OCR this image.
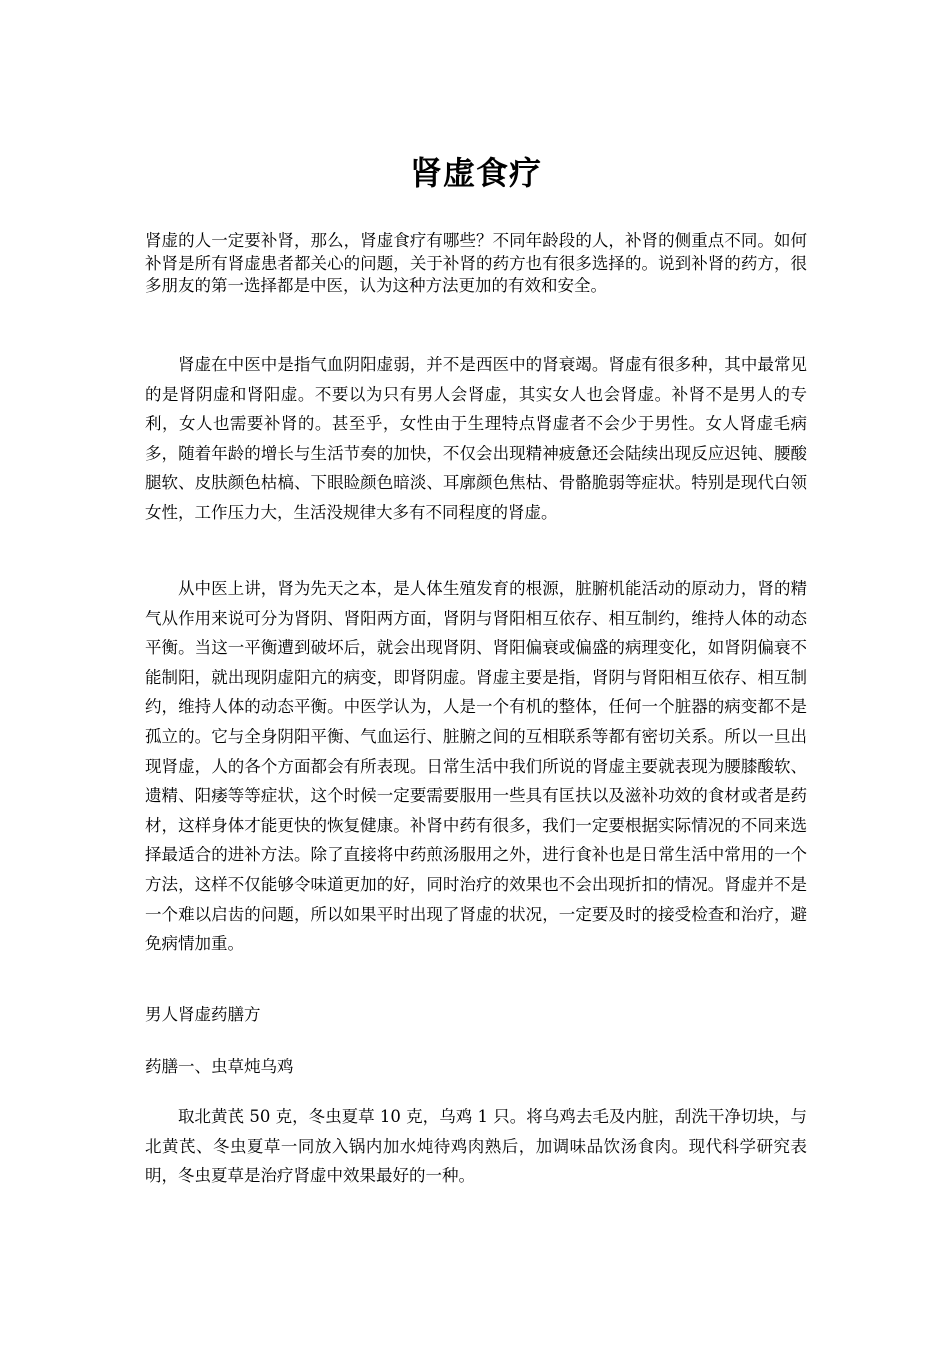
肾虚食疗

肾虚的人一定要补肾，那么，肾虚食疗有哪些？不同年龄段的人，补肾的侧重点不同。如何补肾是所有肾虚患者都关心的问题，关于补肾的药方也有很多选择的。说到补肾的药方，很多朋友的第一选择都是中医，认为这种方法更加的有效和安全。

肾虚在中医中是指气血阴阳虚弱，并不是西医中的肾衰竭。肾虚有很多种，其中最常见的是肾阴虚和肾阳虚。不要以为只有男人会肾虚，其实女人也会肾虚。补肾不是男人的专利，女人也需要补肾的。甚至乎，女性由于生理特点肾虚者不会少于男性。女人肾虚毛病多，随着年龄的增长与生活节奏的加快，不仅会出现精神疲惫还会陆续出现反应迟钝、腰酸腿软、皮肤颜色枯槁、下眼睑颜色暗淡、耳廓颜色焦枯、骨骼脆弱等症状。特别是现代白领女性，工作压力大，生活没规律大多有不同程度的肾虚。

从中医上讲，肾为先天之本，是人体生殖发育的根源，脏腑机能活动的原动力，肾的精气从作用来说可分为肾阴、肾阳两方面，肾阴与肾阳相互依存、相互制约，维持人体的动态平衡。当这一平衡遭到破坏后，就会出现肾阴、肾阳偏衰或偏盛的病理变化，如肾阴偏衰不能制阳，就出现阴虚阳亢的病变，即肾阴虚。肾虚主要是指，肾阴与肾阳相互依存、相互制约，维持人体的动态平衡。中医学认为，人是一个有机的整体，任何一个脏器的病变都不是孤立的。它与全身阴阳平衡、气血运行、脏腑之间的互相联系等都有密切关系。所以一旦出现肾虚，人的各个方面都会有所表现。日常生活中我们所说的肾虚主要就表现为腰膝酸软、遗精、阳痿等等症状，这个时候一定要需要服用一些具有匡扶以及滋补功效的食材或者是药材，这样身体才能更快的恢复健康。补肾中药有很多，我们一定要根据实际情况的不同来选择最适合的进补方法。除了直接将中药煎汤服用之外，进行食补也是日常生活中常用的一个方法，这样不仅能够令味道更加的好，同时治疗的效果也不会出现折扣的情况。肾虚并不是一个难以启齿的问题，所以如果平时出现了肾虚的状况，一定要及时的接受检查和治疗，避免病情加重。

男人肾虚药膳方

药膳一、虫草炖乌鸡

取北黄芪 50 克，冬虫夏草 10 克，乌鸡 1 只。将乌鸡去毛及内脏，刮洗干净切块，与北黄芪、冬虫夏草一同放入锅内加水炖待鸡肉熟后，加调味品饮汤食肉。现代科学研究表明，冬虫夏草是治疗肾虚中效果最好的一种。
